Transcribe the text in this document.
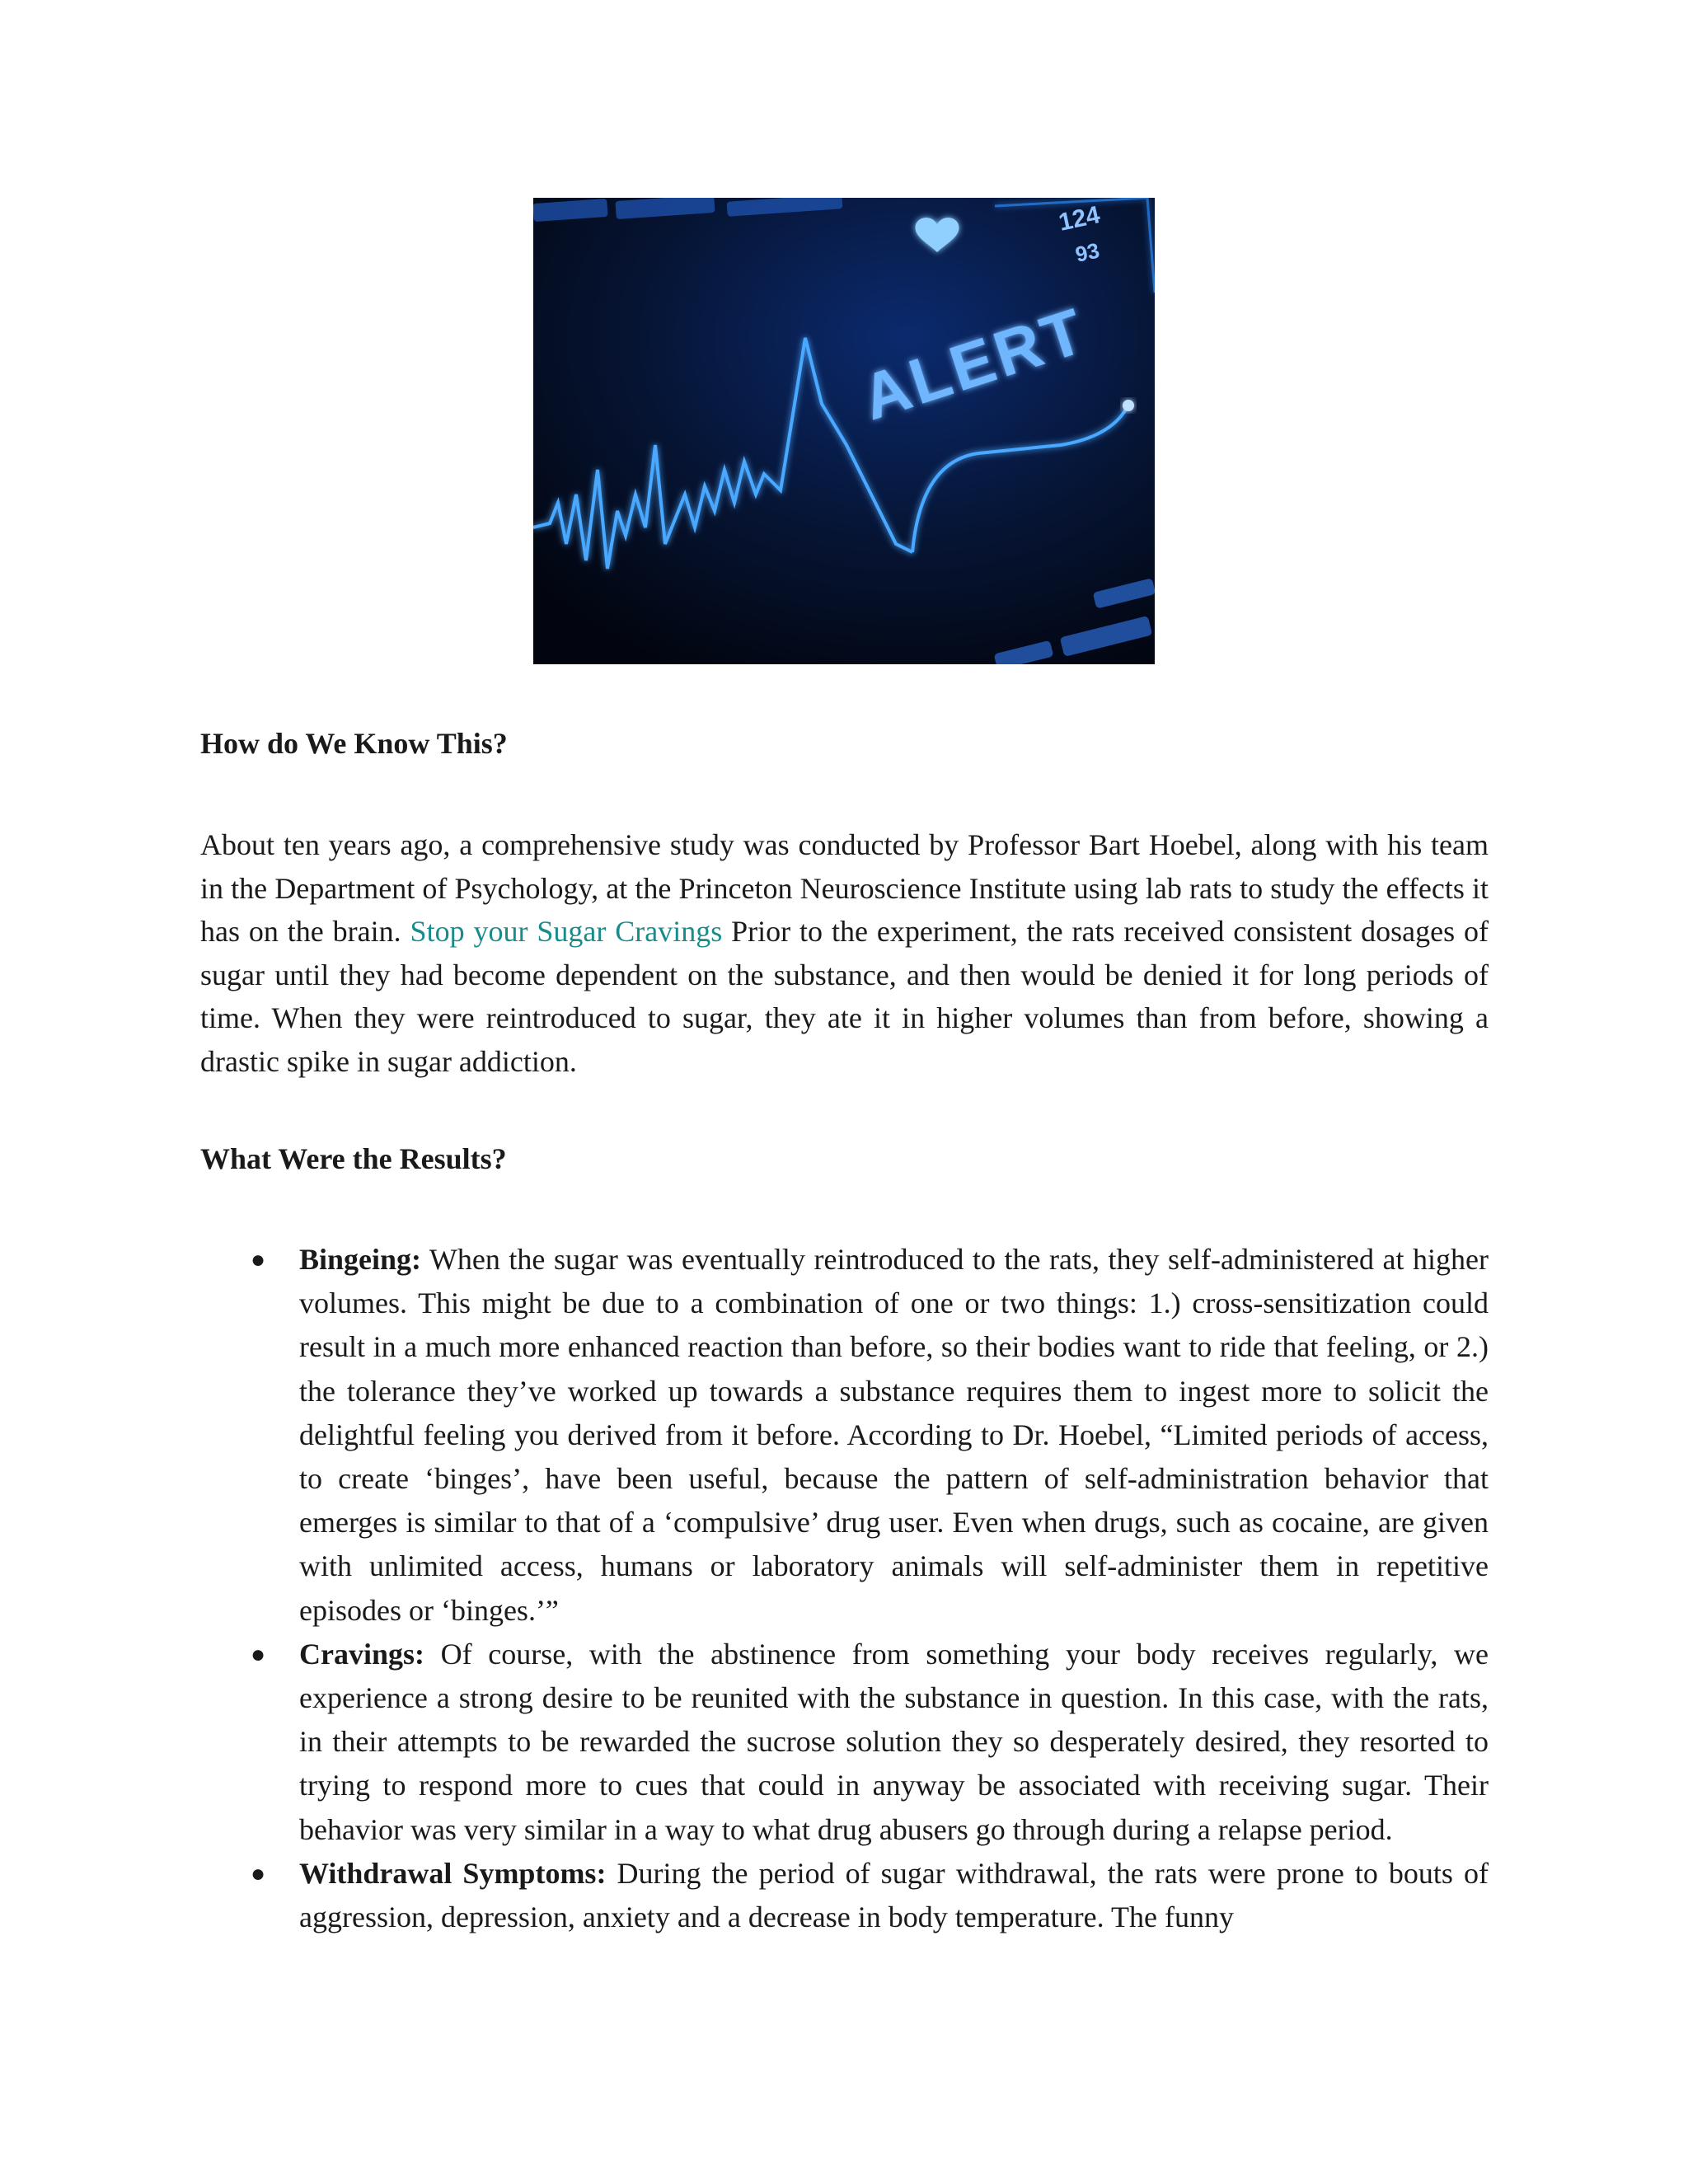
124
93
ALERT
How do We Know This?
About ten years ago, a comprehensive study was conducted by Professor Bart Hoebel, along with his team in the Department of Psychology, at the Princeton Neuroscience Institute using lab rats to study the effects it has on the brain. Stop your Sugar Cravings Prior to the experiment, the rats received consistent dosages of sugar until they had become dependent on the substance, and then would be denied it for long periods of time. When they were reintroduced to sugar, they ate it in higher volumes than from before, showing a drastic spike in sugar addiction.
What Were the Results?
● Bingeing: When the sugar was eventually reintroduced to the rats, they self-administered at higher volumes. This might be due to a combination of one or two things: 1.) cross-sensitization could result in a much more enhanced reaction than before, so their bodies want to ride that feeling, or 2.) the tolerance they’ve worked up towards a substance requires them to ingest more to solicit the delightful feeling you derived from it before. According to Dr. Hoebel, “Limited periods of access, to create ‘binges’, have been useful, because the pattern of self-administration behavior that emerges is similar to that of a ‘compulsive’ drug user. Even when drugs, such as cocaine, are given with unlimited access, humans or laboratory animals will self-administer them in repetitive episodes or ‘binges.’”
● Cravings: Of course, with the abstinence from something your body receives regularly, we experience a strong desire to be reunited with the substance in question. In this case, with the rats, in their attempts to be rewarded the sucrose solution they so desperately desired, they resorted to trying to respond more to cues that could in anyway be associated with receiving sugar. Their behavior was very similar in a way to what drug abusers go through during a relapse period.
● Withdrawal Symptoms: During the period of sugar withdrawal, the rats were prone to bouts of aggression, depression, anxiety and a decrease in body temperature. The funny
